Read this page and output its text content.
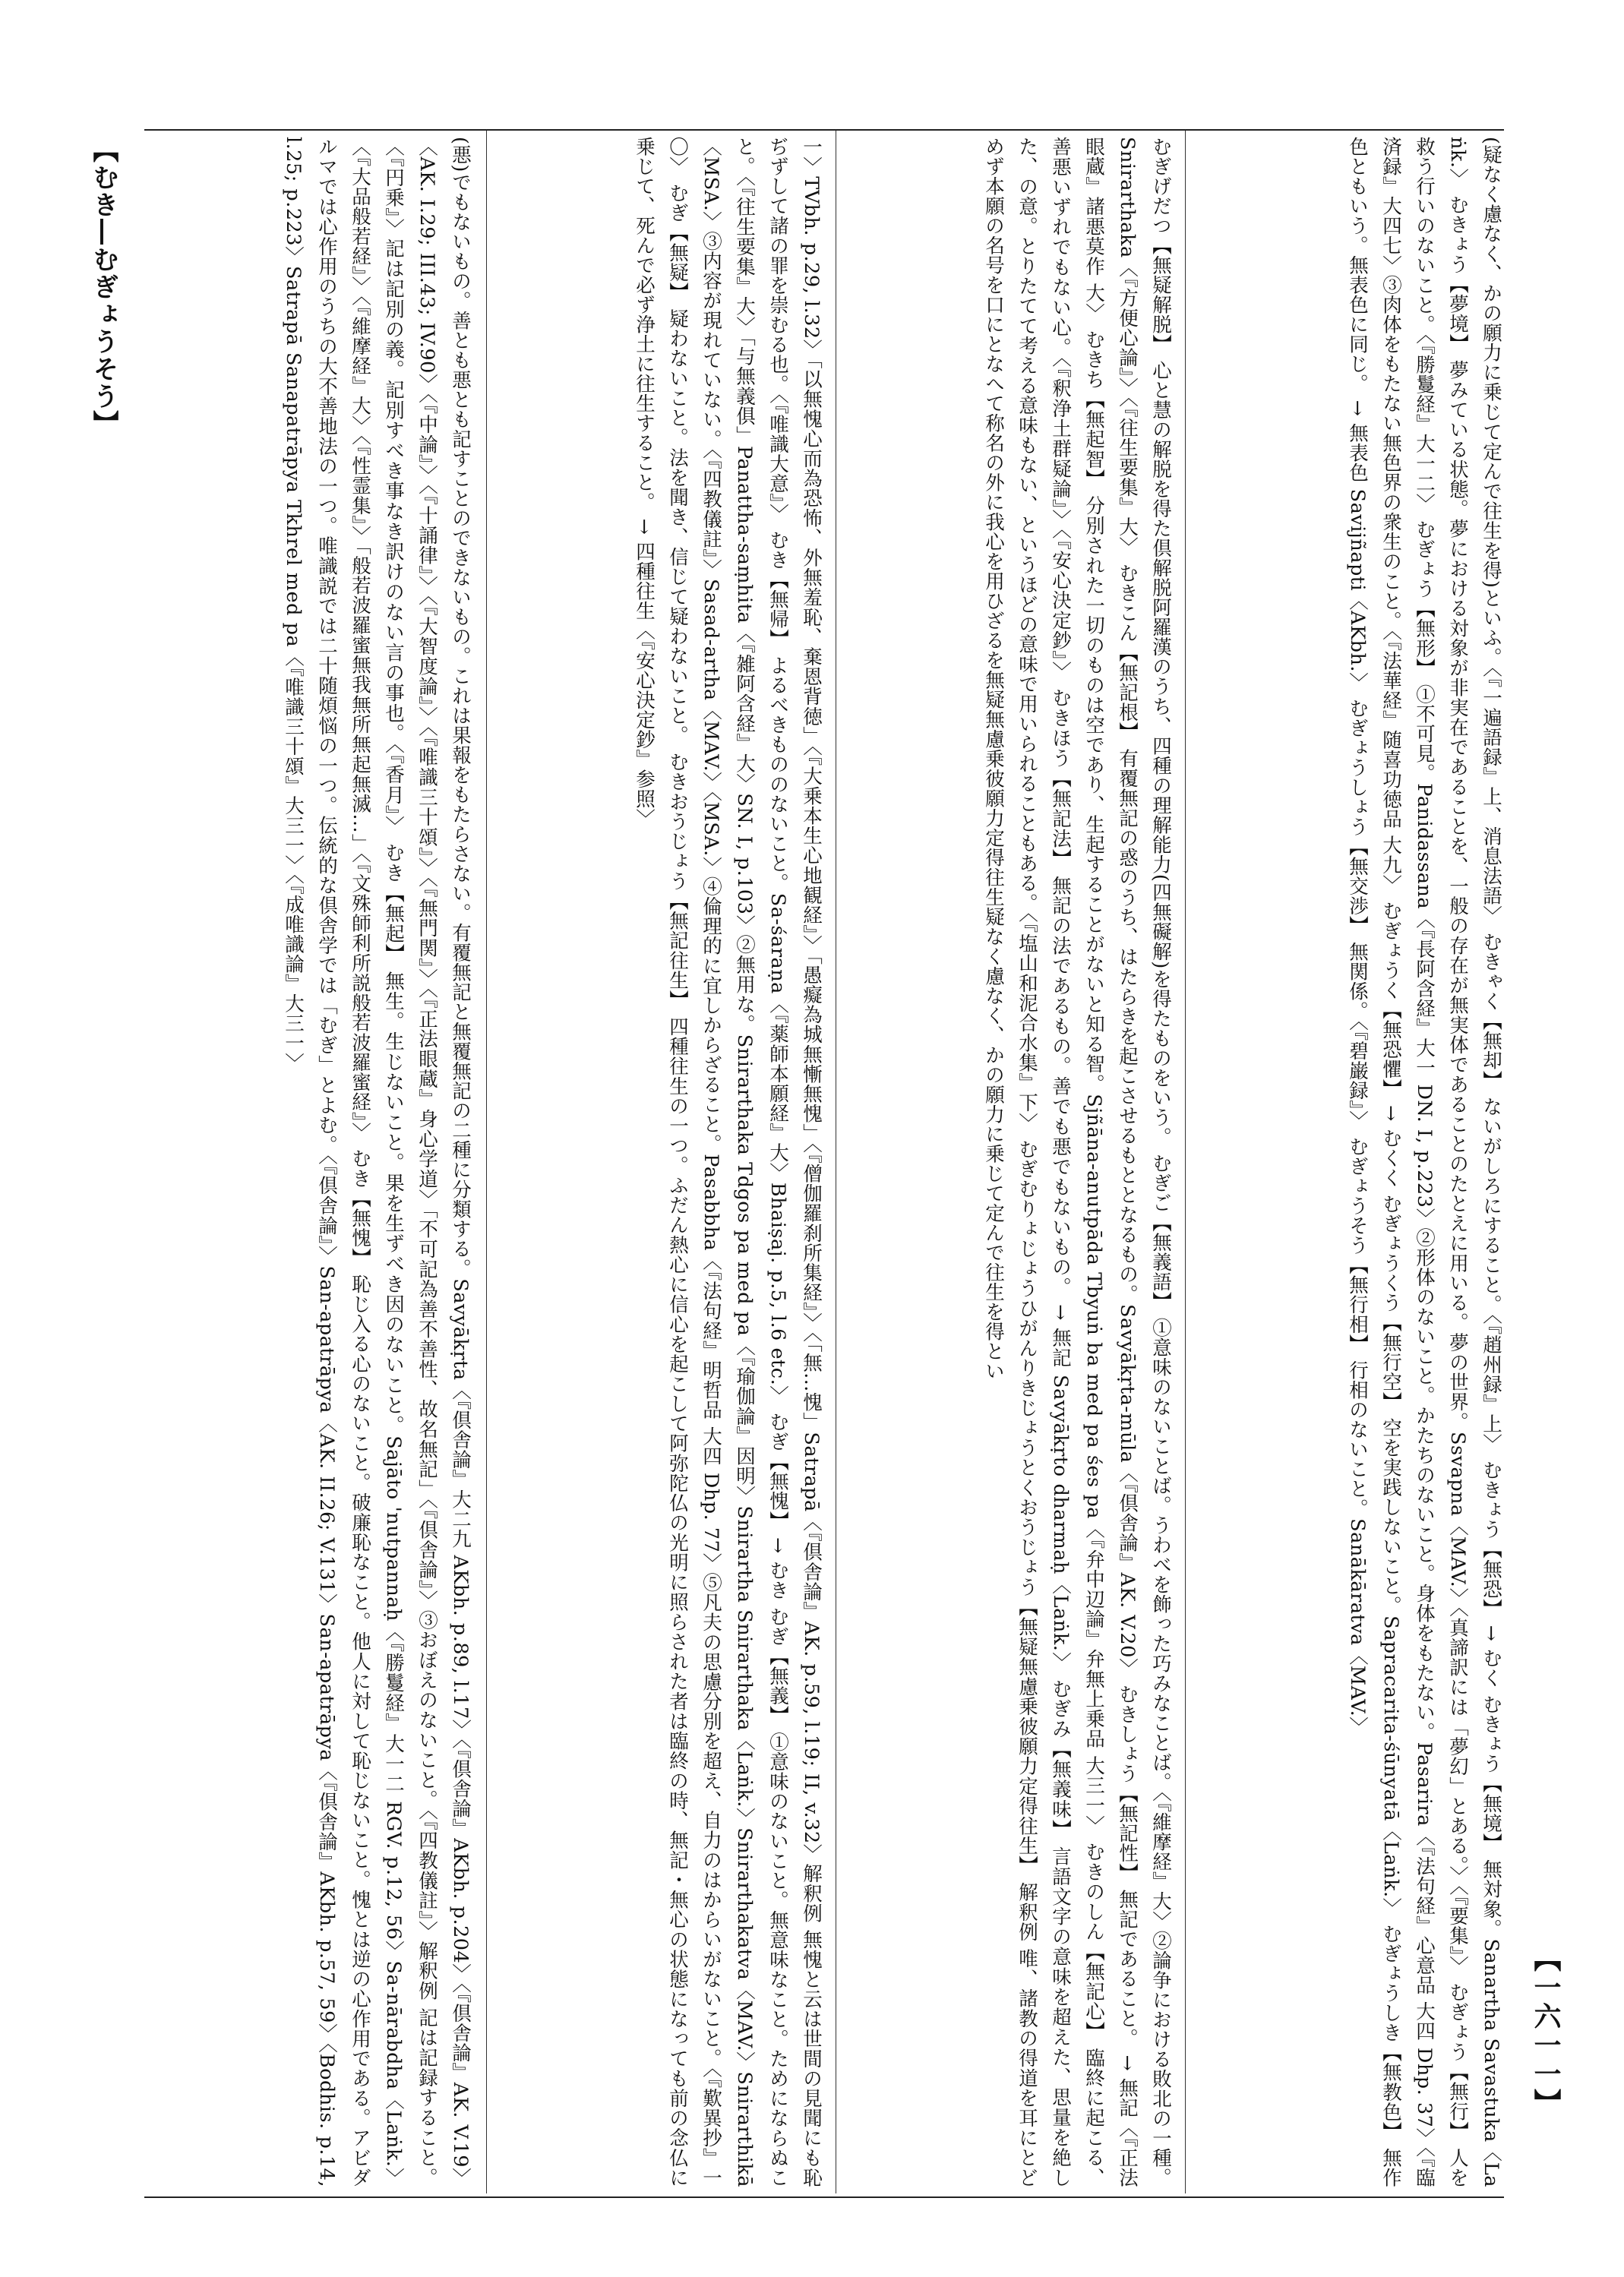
【むき―むぎょうそう】
【一六一一】
(悪)でもないもの。善とも悪とも記すことのできないもの。これは果報をもたらさない。有覆無記と無覆無記の二種に分類する。Savyākṛta〈『倶舎論』大二九 AKbh. p.89, l.17〉〈『倶舎論』AKbh. p.204〉〈『倶舎論』AK. V.19〉〈AK. I.29; III.43; IV.90〉〈『中論』〉〈『十誦律』〉〈『大智度論』〉〈『唯識三十頌』〉〈『無門関』〉〈『正法眼蔵』身心学道〉「不可記為善不善性、故名無記」〈『倶舎論』〉③おぼえのないこと。〈『四教儀註』〉解釈例 記は記録すること。〈『円乗』〉記は記別の義。記別すべき事なき訳けのない言の事也。〈『香月』〉 むき【無起】 無生。生じないこと。果を生ずべき因のないこと。Sajāto 'nutpannaḥ〈『勝鬘経』大一二 RGV. p.12, 56〉Sa-nārabdha〈Laṅk.〉〈『大品般若経』〉〈『維摩経』大〉〈『性霊集』〉「般若波羅蜜無我無所無起無滅…」〈『文殊師利所説般若波羅蜜経』〉 むき【無愧】 恥じ入る心のないこと。破廉恥なこと。他人に対して恥じないこと。愧とは逆の心作用である。アビダルマでは心作用のうちの大不善地法の一つ。唯識説では二十随煩悩の一つ。伝統的な倶舎学では「むぎ」とよむ。〈『倶舎論』〉San-apatrāpya〈AK. II.26; V.131〉San-apatrāpya〈『倶舎論』AKbh. p.57, 59〉〈Bodhis. p.14, l.25; p.223〉Satrapā Sanapatrāpya Tkhrel med pa〈『唯識三十頌』大三一〉〈『成唯識論』大三一〉	一〉TVbh. p.29, l.32〉「以無愧心而為恐怖、外無羞恥、棄恩背徳」〈『大乗本生心地観経』〉「愚癡為城無慚無愧」〈『僧伽羅刹所集経』〉〈「無…愧」Satrapā〈『倶舎論』AK. p.59, l.19; II, v.32〉解釈例 無愧と云は世間の見聞にも恥ぢずして諸の罪を崇むる也。〈『唯識大意』〉 むき【無帰】 よるべきもののないこと。Sa-śaraṇa〈『薬師本願経』大〉Bhaiṣaj. p.5, l.6 etc.〉 むぎ【無愧】 → むき むぎ【無義】 ①意味のないこと。無意味なこと。ためにならぬこと。〈『往生要集』大〉「与無義俱」Panattha-saṃhita〈『雑阿含経』大〉SN. I, p.103〉②無用な。Snirarthaka Tdgos pa med pa〈『瑜伽論』因明〉Snirartha Snirarthaka〈Laṅk.〉Snirarthakatva〈MAV.〉Snirarthikā〈MSA.〉③内容が現れていない。〈『四教儀註』〉Sasad-artha〈MAV.〉〈MSA.〉④倫理的に宜しからざること。Pasabbha〈『法句経』明哲品 大四 Dhp. 77〉⑤凡夫の思慮分別を超え、自力のはからいがないこと。〈『歎異抄』一〇〉 むぎ【無疑】 疑わないこと。法を聞き、信じて疑わないこと。 むきおうじょう【無記往生】 四種往生の一つ。ふだん熱心に信心を起こして阿弥陀仏の光明に照らされた者は臨終の時、無記・無心の状態になっても前の念仏に乗じて、死んで必ず浄土に往生すること。 → 四種往生〈『安心決定鈔』参照〉	むぎげだつ【無疑解脱】 心と慧の解脱を得た倶解脱阿羅漢のうち、四種の理解能力(四無礙解)を得たものをいう。 むぎご【無義語】 ①意味のないことば。うわべを飾った巧みなことば。〈『維摩経』大〉②論争における敗北の一種。Snirarthaka〈『方便心論』〉〈『往生要集』大〉 むきこん【無記根】 有覆無記の惑のうち、はたらきを起こさせるもととなるもの。Savyākṛta-mūla〈『倶舎論』AK. V.20〉 むきしょう【無記性】 無記であること。 → 無記〈『正法眼蔵』諸悪莫作 大〉 むきち【無起智】 分別された一切のものは空であり、生起することがないと知る智。Sjñāna-anutpāda Tbyuṅ ba med pa śes pa〈『弁中辺論』弁無上乗品 大三一〉 むきのしん【無記心】 臨終に起こる、善悪いずれでもない心。〈『釈浄土群疑論』〉〈『安心決定鈔』〉 むきほう【無記法】 無記の法であるもの。善でも悪でもないもの。 → 無記 Savyākṛto dharmaḥ〈Laṅk.〉 むぎみ【無義味】 言語文字の意味を超えた、思量を絶した、の意。とりたてて考える意味もない、というほどの意味で用いられることもある。〈『塩山和泥合水集』下〉 むぎむりょじょうひがんりきじょうとくおうじょう【無疑無慮乗彼願力定得往生】 解釈例 唯、諸教の得道を耳にとどめず本願の名号を口にとなへて称名の外に我心を用ひざるを無疑無慮乗彼願力定得往生疑なく慮なく、かの願力に乗じて定んで往生を得とい	(疑なく慮なく、かの願力に乗じて定んで往生を得)といふ。〈『一遍語録』上、消息法語〉 むきゃく【無却】 ないがしろにすること。〈『趙州録』上〉 むきょう【無恐】 → むく むきょう【無境】 無対象。Sanartha Savastuka〈Laṅk.〉 むきょう【夢境】 夢みている状態。夢における対象が非実在であることを、一般の存在が無実体であることのたとえに用いる。夢の世界。Ssvapna〈MAV.〉〈真諦訳には「夢幻」とある。〉〈『要集』〉 むぎょう【無行】 人を救う行いのないこと。〈『勝鬘経』大一二〉 むぎょう【無形】 ①不可見。Panidassana〈『長阿含経』大一 DN. I, p.223〉②形体のないこと。かたちのないこと。身体をもたない。Pasarira〈『法句経』心意品 大四 Dhp. 37〉〈『臨済録』大四七〉③肉体をもたない無色界の衆生のこと。〈『法華経』随喜功徳品 大九〉 むぎょうく【無恐懼】 → むくく むぎょうくう【無行空】 空を実践しないこと。Sapracarita-śūnyatā〈Laṅk.〉 むぎょうしき【無教色】 無作色ともいう。無表色に同じ。 → 無表色 Savijñapti〈AKbh.〉 むぎょうしょう【無交渉】 無関係。〈『碧巌録』〉 むぎょうそう【無行相】 行相のないこと。Sanākāratva〈MAV.〉
